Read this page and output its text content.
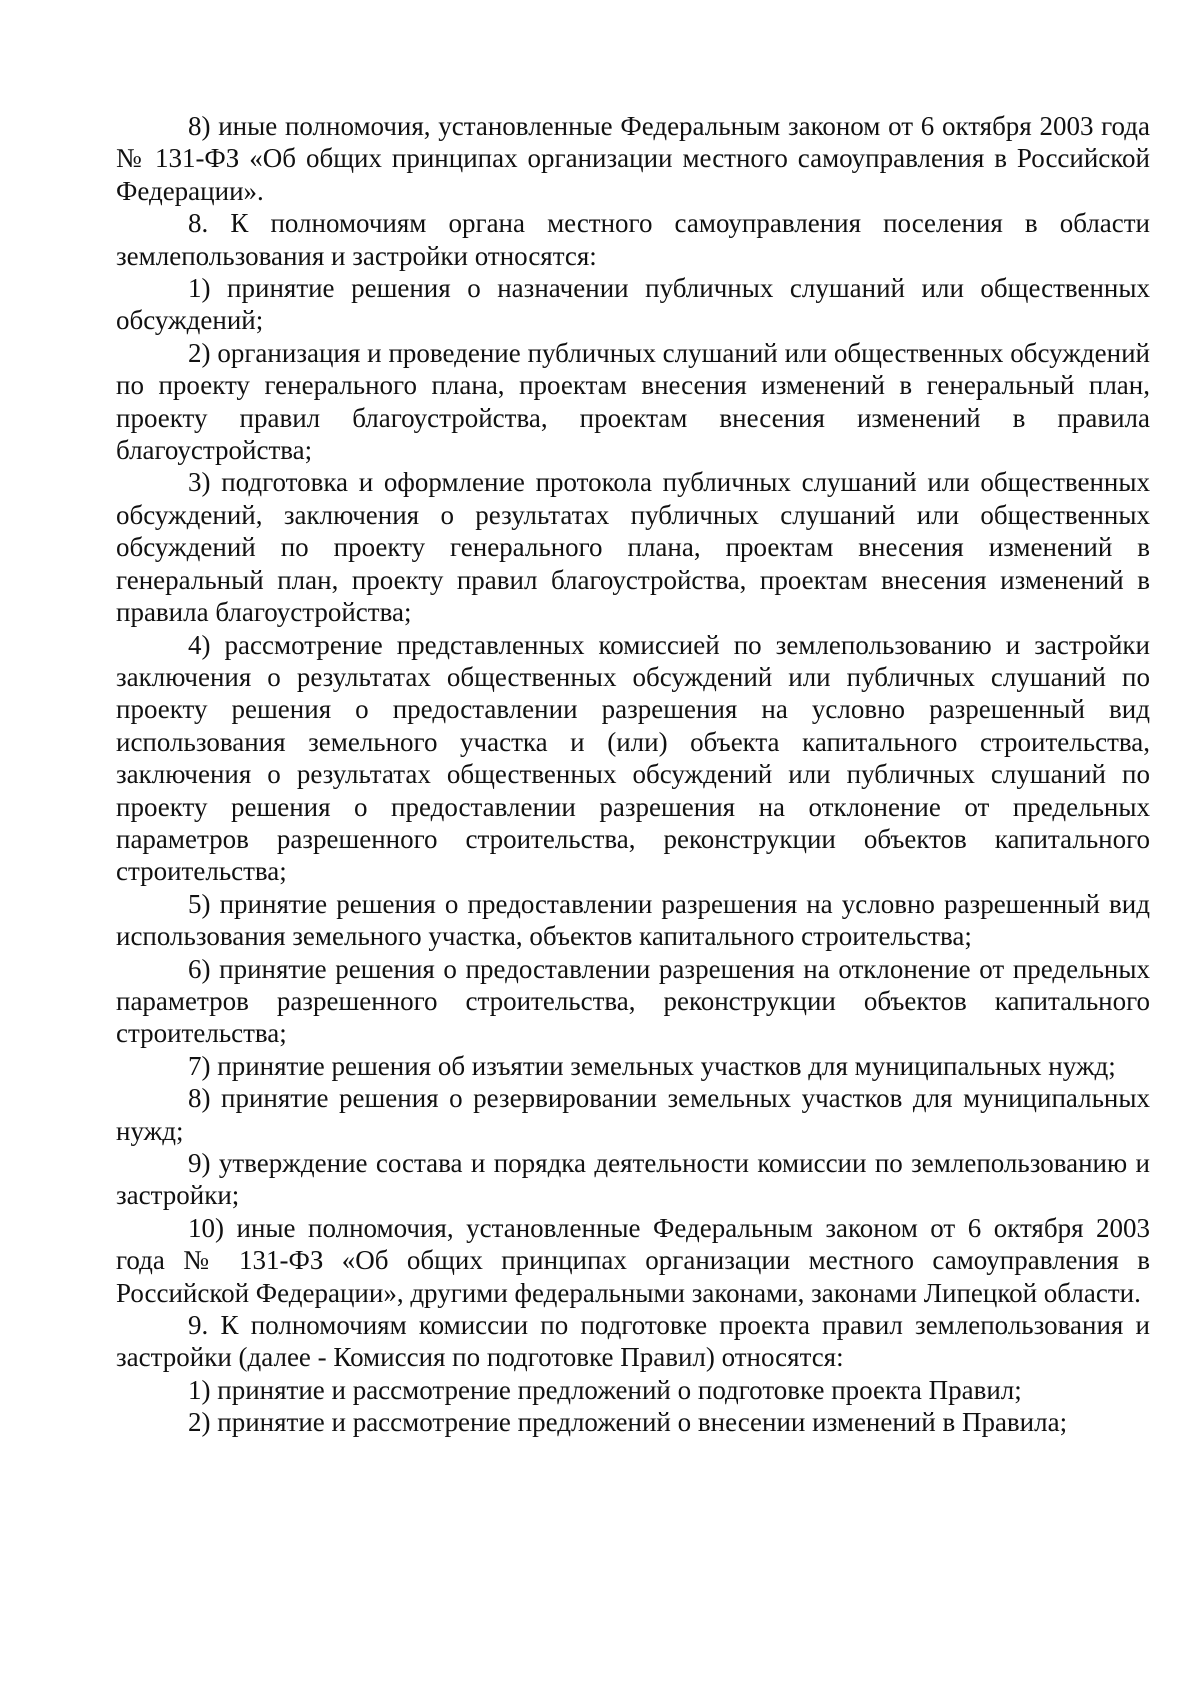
8) иные полномочия, установленные Федеральным законом от 6 октября 2003 года № 131-ФЗ «Об общих принципах организации местного самоуправления в Российской Федерации».

8. К полномочиям органа местного самоуправления поселения в области землепользования и застройки относятся:

1) принятие решения о назначении публичных слушаний или общественных обсуждений;

2) организация и проведение публичных слушаний или общественных обсуждений по проекту генерального плана, проектам внесения изменений в генеральный план, проекту правил благоустройства, проектам внесения изменений в правила благоустройства;

3) подготовка и оформление протокола публичных слушаний или общественных обсуждений, заключения о результатах публичных слушаний или общественных обсуждений по проекту генерального плана, проектам внесения изменений в генеральный план, проекту правил благоустройства, проектам внесения изменений в правила благоустройства;

4) рассмотрение представленных комиссией по землепользованию и застройки заключения о результатах общественных обсуждений или публичных слушаний по проекту решения о предоставлении разрешения на условно разрешенный вид использования земельного участка и (или) объекта капитального строительства, заключения о результатах общественных обсуждений или публичных слушаний по проекту решения о предоставлении разрешения на отклонение от предельных параметров разрешенного строительства, реконструкции объектов капитального строительства;

5) принятие решения о предоставлении разрешения на условно разрешенный вид использования земельного участка, объектов капитального строительства;

6) принятие решения о предоставлении разрешения на отклонение от предельных параметров разрешенного строительства, реконструкции объектов капитального строительства;

7) принятие решения об изъятии земельных участков для муниципальных нужд;

8) принятие решения о резервировании земельных участков для муниципальных нужд;

9) утверждение состава и порядка деятельности комиссии по землепользованию и застройки;

10) иные полномочия, установленные Федеральным законом от 6 октября 2003 года № 131-ФЗ «Об общих принципах организации местного самоуправления в Российской Федерации», другими федеральными законами, законами Липецкой области.

9. К полномочиям комиссии по подготовке проекта правил землепользования и застройки (далее - Комиссия по подготовке Правил) относятся:

1) принятие и рассмотрение предложений о подготовке проекта Правил;

2) принятие и рассмотрение предложений о внесении изменений в Правила;
